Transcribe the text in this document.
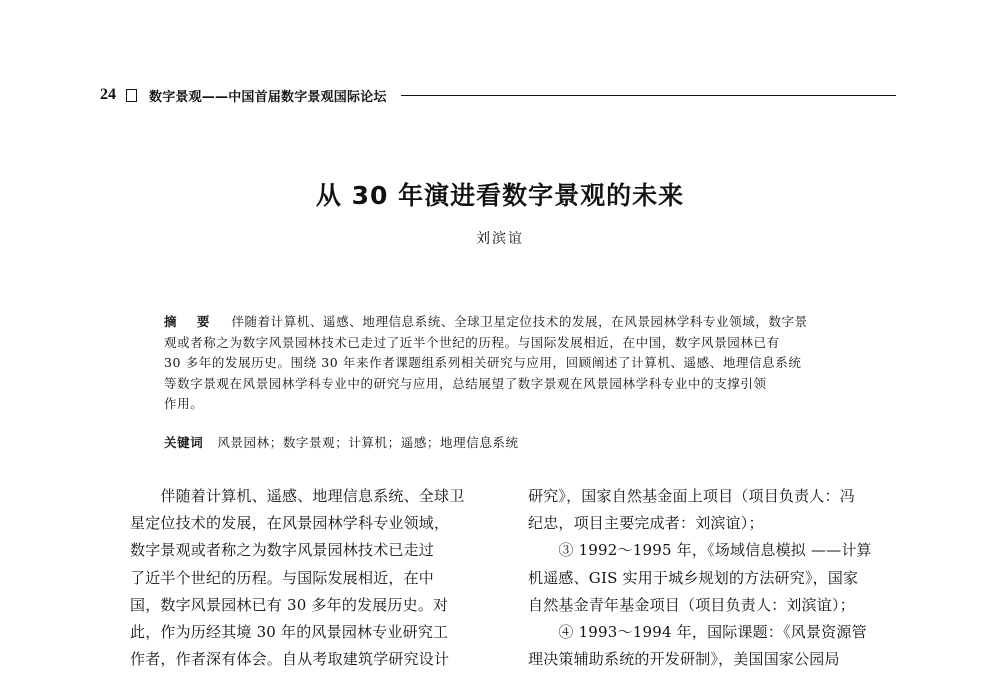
24	数字景观——中国首届数字景观国际论坛
从 30 年演进看数字景观的未来
刘滨谊
摘 要 伴随着计算机、遥感、地理信息系统、全球卫星定位技术的发展，在风景园林学科专业领域，数字景
观或者称之为数字风景园林技术已走过了近半个世纪的历程。与国际发展相近，在中国，数字风景园林已有
30 多年的发展历史。围绕 30 年来作者课题组系列相关研究与应用，回顾阐述了计算机、遥感、地理信息系统
等数字景观在风景园林学科专业中的研究与应用，总结展望了数字景观在风景园林学科专业中的支撑引领
作用。
关键词 风景园林；数字景观；计算机；遥感；地理信息系统

　　伴随着计算机、遥感、地理信息系统、全球卫

星定位技术的发展，在风景园林学科专业领域，

数字景观或者称之为数字风景园林技术已走过

了近半个世纪的历程。与国际发展相近，在中

国，数字风景园林已有 30 多年的发展历史。对

此，作为历经其境 30 年的风景园林专业研究工

作者，作者深有体会。自从考取建筑学研究设计

研究》，国家自然基金面上项目（项目负责人：冯

纪忠，项目主要完成者：刘滨谊）；

　　③ 1992～1995 年，《场域信息模拟 ——计算

机遥感、GIS 实用于城乡规划的方法研究》，国家

自然基金青年基金项目（项目负责人：刘滨谊）；

　　④ 1993～1994 年，国际课题：《风景资源管

理决策辅助系统的开发研制》，美国国家公园局
